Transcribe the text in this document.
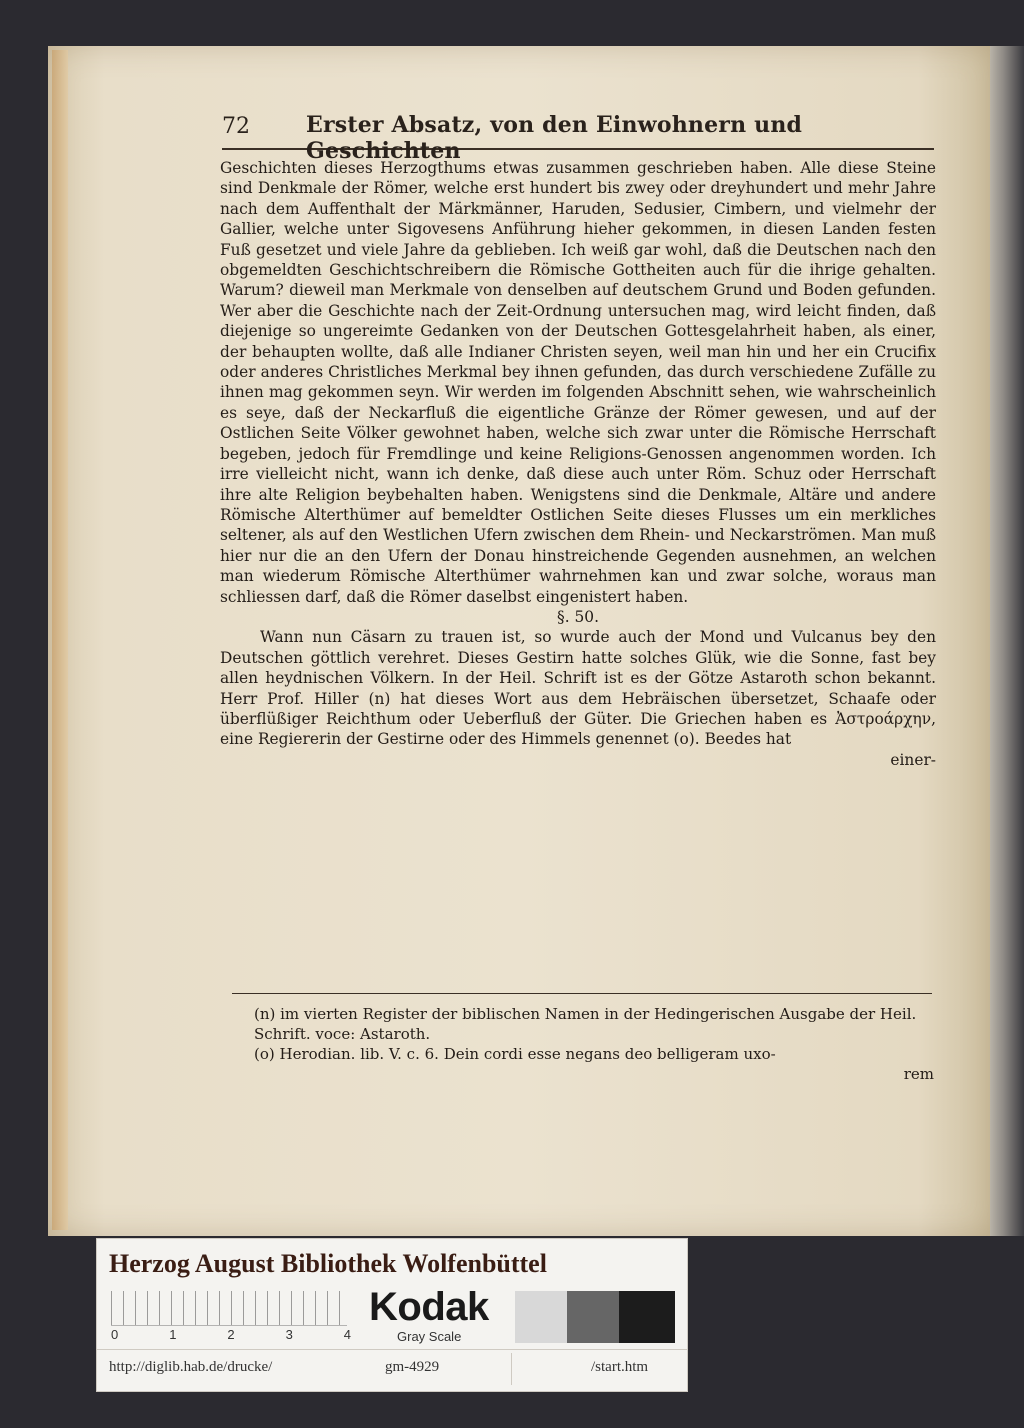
72	Erster Absatz, von den Einwohnern und Geschichten

Geschichten dieses Herzogthums etwas zusammen geschrieben haben. Alle diese Steine sind Denkmale der Römer, welche erst hundert bis zwey oder dreyhundert und mehr Jahre nach dem Auffenthalt der Märkmänner, Haruden, Sedusier, Cimbern, und vielmehr der Gallier, welche unter Sigovesens Anführung hieher gekommen, in diesen Landen festen Fuß gesetzet und viele Jahre da geblieben. Ich weiß gar wohl, daß die Deutschen nach den obgemeldten Geschichtschreibern die Römische Gottheiten auch für die ihrige gehalten. Warum? dieweil man Merkmale von denselben auf deutschem Grund und Boden gefunden. Wer aber die Geschichte nach der Zeit-Ordnung untersuchen mag, wird leicht finden, daß diejenige so ungereimte Gedanken von der Deutschen Gottesgelahrheit haben, als einer, der behaupten wollte, daß alle Indianer Christen seyen, weil man hin und her ein Crucifix oder anderes Christliches Merkmal bey ihnen gefunden, das durch verschiedene Zufälle zu ihnen mag gekommen seyn. Wir werden im folgenden Abschnitt sehen, wie wahrscheinlich es seye, daß der Neckarfluß die eigentliche Gränze der Römer gewesen, und auf der Ostlichen Seite Völker gewohnet haben, welche sich zwar unter die Römische Herrschaft begeben, jedoch für Fremdlinge und keine Religions-Genossen angenommen worden. Ich irre vielleicht nicht, wann ich denke, daß diese auch unter Röm. Schuz oder Herrschaft ihre alte Religion beybehalten haben. Wenigstens sind die Denkmale, Altäre und andere Römische Alterthümer auf bemeldter Ostlichen Seite dieses Flusses um ein merkliches seltener, als auf den Westlichen Ufern zwischen dem Rhein- und Neckarströmen. Man muß hier nur die an den Ufern der Donau hinstreichende Gegenden ausnehmen, an welchen man wiederum Römische Alterthümer wahrnehmen kan und zwar solche, woraus man schliessen darf, daß die Römer daselbst eingenistert haben.

§. 50.

Wann nun Cäsarn zu trauen ist, so wurde auch der Mond und Vulcanus bey den Deutschen göttlich verehret. Dieses Gestirn hatte solches Glük, wie die Sonne, fast bey allen heydnischen Völkern. In der Heil. Schrift ist es der Götze Astaroth schon bekannt. Herr Prof. Hiller (n) hat dieses Wort aus dem Hebräischen übersetzet, Schaafe oder überflüßiger Reichthum oder Ueberfluß der Güter. Die Griechen haben es Ἀστροάρχην, eine Regiererin der Gestirne oder des Himmels genennet (o). Beedes hat

einer-

(n) im vierten Register der biblischen Namen in der Hedingerischen Ausgabe der Heil. Schrift. voce: Astaroth.

(o) Herodian. lib. V. c. 6. Dein cordi esse negans deo belligeram uxo-

rem

Herzog August Bibliothek Wolfenbüttel
0	1	2	3	4
Kodak
Gray Scale
http://diglib.hab.de/drucke/	gm-4929	/start.htm
